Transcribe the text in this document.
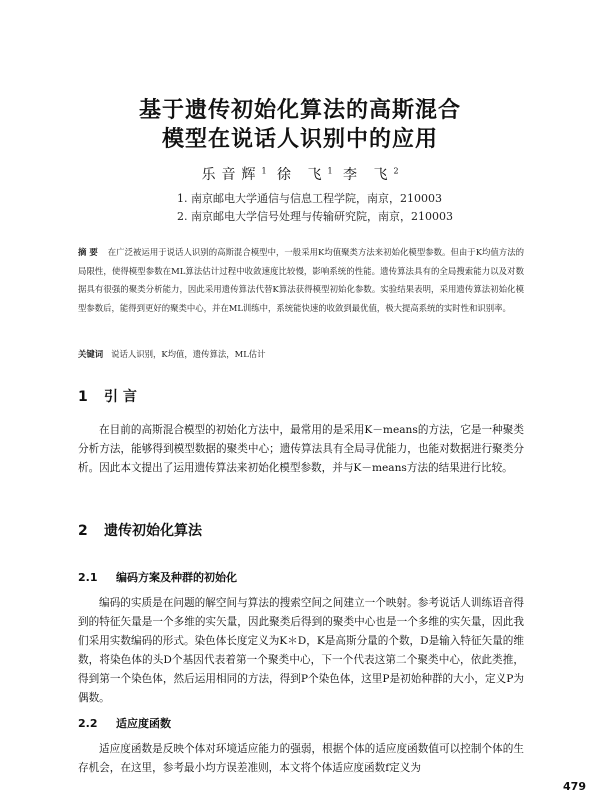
基于遗传初始化算法的高斯混合
模型在说话人识别中的应用
乐音辉$^1$ 徐 飞$^1$ 李 飞$^2$
1. 南京邮电大学通信与信息工程学院，南京，210003
2. 南京邮电大学信号处理与传输研究院，南京，210003
摘 要 在广泛被运用于说话人识别的高斯混合模型中，一般采用K均值聚类方法来初始化模型参数。但由于K均值方法的局限性，使得模型参数在ML算法估计过程中收敛速度比较慢，影响系统的性能。遗传算法具有的全局搜索能力以及对数据具有很强的聚类分析能力，因此采用遗传算法代替K算法获得模型初始化参数。实验结果表明，采用遗传算法初始化模型参数后，能得到更好的聚类中心，并在ML训练中，系统能快速的收敛到最优值，极大提高系统的实时性和识别率。
关键词 说话人识别，K均值，遗传算法，ML估计
1 引 言
在目前的高斯混合模型的初始化方法中，最常用的是采用K－means的方法，它是一种聚类分析方法，能够得到模型数据的聚类中心；遗传算法具有全局寻优能力，也能对数据进行聚类分析。因此本文提出了运用遗传算法来初始化模型参数，并与K－means方法的结果进行比较。
2 遗传初始化算法
2.1 编码方案及种群的初始化
编码的实质是在问题的解空间与算法的搜索空间之间建立一个映射。参考说话人训练语音得到的特征矢量是一个多维的实矢量，因此聚类后得到的聚类中心也是一个多维的实矢量，因此我们采用实数编码的形式。染色体长度定义为K＊D，K是高斯分量的个数，D是输入特征矢量的维数，将染色体的头D个基因代表着第一个聚类中心，下一个代表这第二个聚类中心，依此类推，得到第一个染色体，然后运用相同的方法，得到P个染色体，这里P是初始种群的大小，定义P为偶数。
2.2 适应度函数
适应度函数是反映个体对环境适应能力的强弱，根据个体的适应度函数值可以控制个体的生存机会，在这里，参考最小均方误差准则，本文将个体适应度函数f定义为
479
